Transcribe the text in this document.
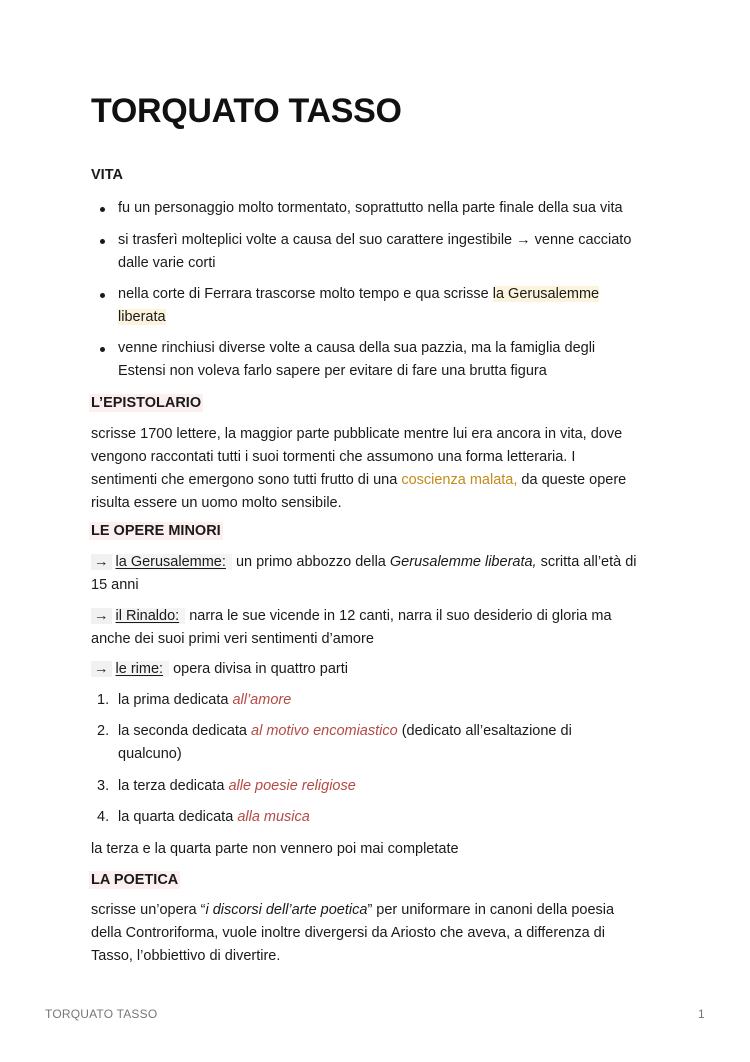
TORQUATO TASSO

VITA

fu un personaggio molto tormentato, soprattutto nella parte finale della sua vita
si trasferì molteplici volte a causa del suo carattere ingestibile → venne cacciato
dalle varie corti
nella corte di Ferrara trascorse molto tempo e qua scrisse la Gerusalemme
liberata
venne rinchiusi diverse volte a causa della sua pazzia, ma la famiglia degli
Estensi non voleva farlo sapere per evitare di fare una brutta figura

L’EPISTOLARIO

scrisse 1700 lettere, la maggior parte pubblicate mentre lui era ancora in vita, dove
vengono raccontati tutti i suoi tormenti che assumono una forma letteraria. I
sentimenti che emergono sono tutti frutto di una coscienza malata, da queste opere
risulta essere un uomo molto sensibile.

LE OPERE MINORI

→ la Gerusalemme: un primo abbozzo della Gerusalemme liberata, scritta all’età di
15 anni

→ il Rinaldo: narra le sue vicende in 12 canti, narra il suo desiderio di gloria ma
anche dei suoi primi veri sentimenti d’amore

→ le rime: opera divisa in quattro parti

1. la prima dedicata all’amore
2. la seconda dedicata al motivo encomiastico (dedicato all’esaltazione di
qualcuno)
3. la terza dedicata alle poesie religiose
4. la quarta dedicata alla musica

la terza e la quarta parte non vennero poi mai completate

LA POETICA

scrisse un’opera “i discorsi dell’arte poetica” per uniformare in canoni della poesia
della Controriforma, vuole inoltre divergersi da Ariosto che aveva, a differenza di
Tasso, l’obbiettivo di divertire.

TORQUATO TASSO	1
